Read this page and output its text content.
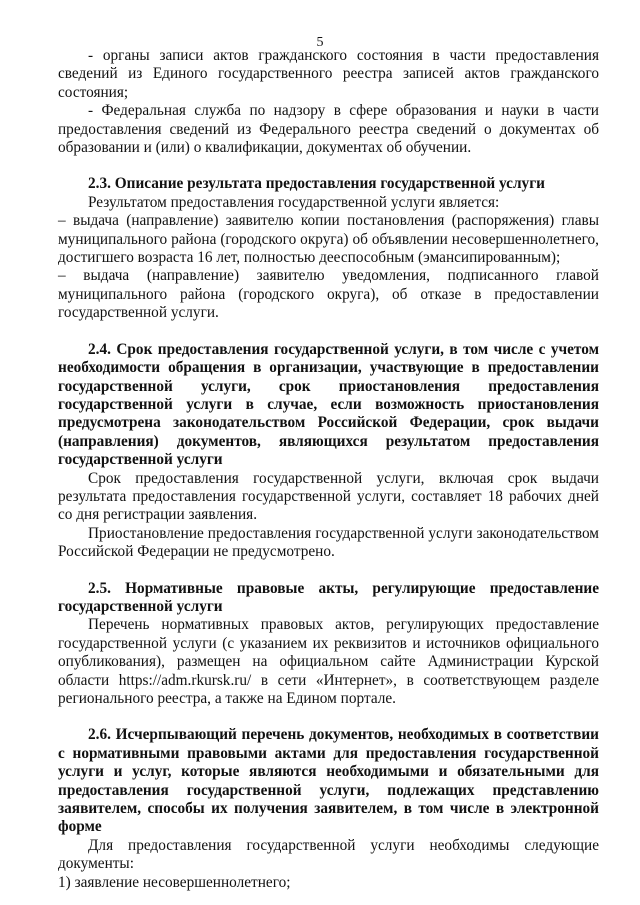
5

- органы записи актов гражданского состояния в части предоставления сведений из Единого государственного реестра записей актов гражданского состояния;

- Федеральная служба по надзору в сфере образования и науки в части предоставления сведений из Федерального реестра сведений о документах об образовании и (или) о квалификации, документах об обучении.

2.3. Описание результата предоставления государственной услуги

Результатом предоставления государственной услуги является:

– выдача (направление) заявителю копии постановления (распоряжения) главы муниципального района (городского округа) об объявлении несовершеннолетнего, достигшего возраста 16 лет, полностью дееспособным (эмансипированным);

– выдача (направление) заявителю уведомления, подписанного главой муниципального района (городского округа), об отказе в предоставлении государственной услуги.

2.4. Срок предоставления государственной услуги, в том числе с учетом необходимости обращения в организации, участвующие в предоставлении государственной услуги, срок приостановления предоставления государственной услуги в случае, если возможность приостановления предусмотрена законодательством Российской Федерации, срок выдачи (направления) документов, являющихся результатом предоставления государственной услуги

Срок предоставления государственной услуги, включая срок выдачи результата предоставления государственной услуги, составляет 18 рабочих дней со дня регистрации заявления.

Приостановление предоставления государственной услуги законодательством Российской Федерации не предусмотрено.

2.5. Нормативные правовые акты, регулирующие предоставление государственной услуги

Перечень нормативных правовых актов, регулирующих предоставление государственной услуги (с указанием их реквизитов и источников официального опубликования), размещен на официальном сайте Администрации Курской области https://adm.rkursk.ru/ в сети «Интернет», в соответствующем разделе регионального реестра, а также на Едином портале.

2.6. Исчерпывающий перечень документов, необходимых в соответствии с нормативными правовыми актами для предоставления государственной услуги и услуг, которые являются необходимыми и обязательными для предоставления государственной услуги, подлежащих представлению заявителем, способы их получения заявителем, в том числе в электронной форме

Для предоставления государственной услуги необходимы следующие документы:

1) заявление несовершеннолетнего;
